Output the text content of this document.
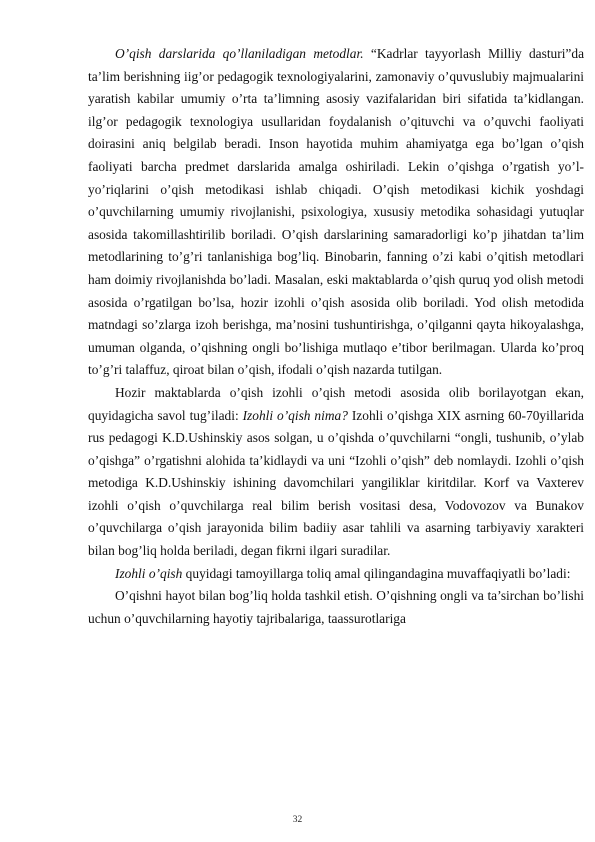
O’qish darslarida qo’llaniladigan metodlar. “Kadrlar tayyorlash Milliy dasturi”da ta’lim berishning iig’or pedagogik texnologiyalarini, zamonaviy o’quvuslubiy majmualarini yaratish kabilar umumiy o’rta ta’limning asosiy vazifalaridan biri sifatida ta’kidlangan. ilg’or pedagogik texnologiya usullaridan foydalanish o’qituvchi va o’quvchi faoliyati doirasini aniq belgilab beradi. Inson hayotida muhim ahamiyatga ega bo’lgan o’qish faoliyati barcha predmet darslarida amalga oshiriladi. Lekin o’qishga o’rgatish yo’l-yo’riqlarini o’qish metodikasi ishlab chiqadi. O’qish metodikasi kichik yoshdagi o’quvchilarning umumiy rivojlanishi, psixologiya, xususiy metodika sohasidagi yutuqlar asosida takomillashtirilib boriladi. O’qish darslarining samaradorligi ko’p jihatdan ta’lim metodlarining to’g’ri tanlanishiga bog’liq. Binobarin, fanning o’zi kabi o’qitish metodlari ham doimiy rivojlanishda bo’ladi. Masalan, eski maktablarda o’qish quruq yod olish metodi asosida o’rgatilgan bo’lsa, hozir izohli o’qish asosida olib boriladi. Yod olish metodida matndagi so’zlarga izoh berishga, ma’nosini tushuntirishga, o’qilganni qayta hikoyalashga, umuman olganda, o’qishning ongli bo’lishiga mutlaqo e’tibor berilmagan. Ularda ko’proq to’g’ri talaffuz, qiroat bilan o’qish, ifodali o’qish nazarda tutilgan.

Hozir maktablarda o’qish izohli o’qish metodi asosida olib borilayotgan ekan, quyidagicha savol tug’iladi: Izohli o’qish nima? Izohli o’qishga XIX asrning 60-70yillarida rus pedagogi K.D.Ushinskiy asos solgan, u o’qishda o’quvchilarni “ongli, tushunib, o’ylab o’qishga” o’rgatishni alohida ta’kidlaydi va uni “Izohli o’qish” deb nomlaydi. Izohli o’qish metodiga K.D.Ushinskiy ishining davomchilari yangiliklar kiritdilar. Korf va Vaxterev izohli o’qish o’quvchilarga real bilim berish vositasi desa, Vodovozov va Bunakov o’quvchilarga o’qish jarayonida bilim badiiy asar tahlili va asarning tarbiyaviy xarakteri bilan bog’liq holda beriladi, degan fikrni ilgari suradilar.

Izohli o’qish quyidagi tamoyillarga toliq amal qilingandagina muvaffaqiyatli bo’ladi:

O’qishni hayot bilan bog’liq holda tashkil etish. O’qishning ongli va ta’sirchan bo’lishi uchun o’quvchilarning hayotiy tajribalariga, taassurotlariga

32
